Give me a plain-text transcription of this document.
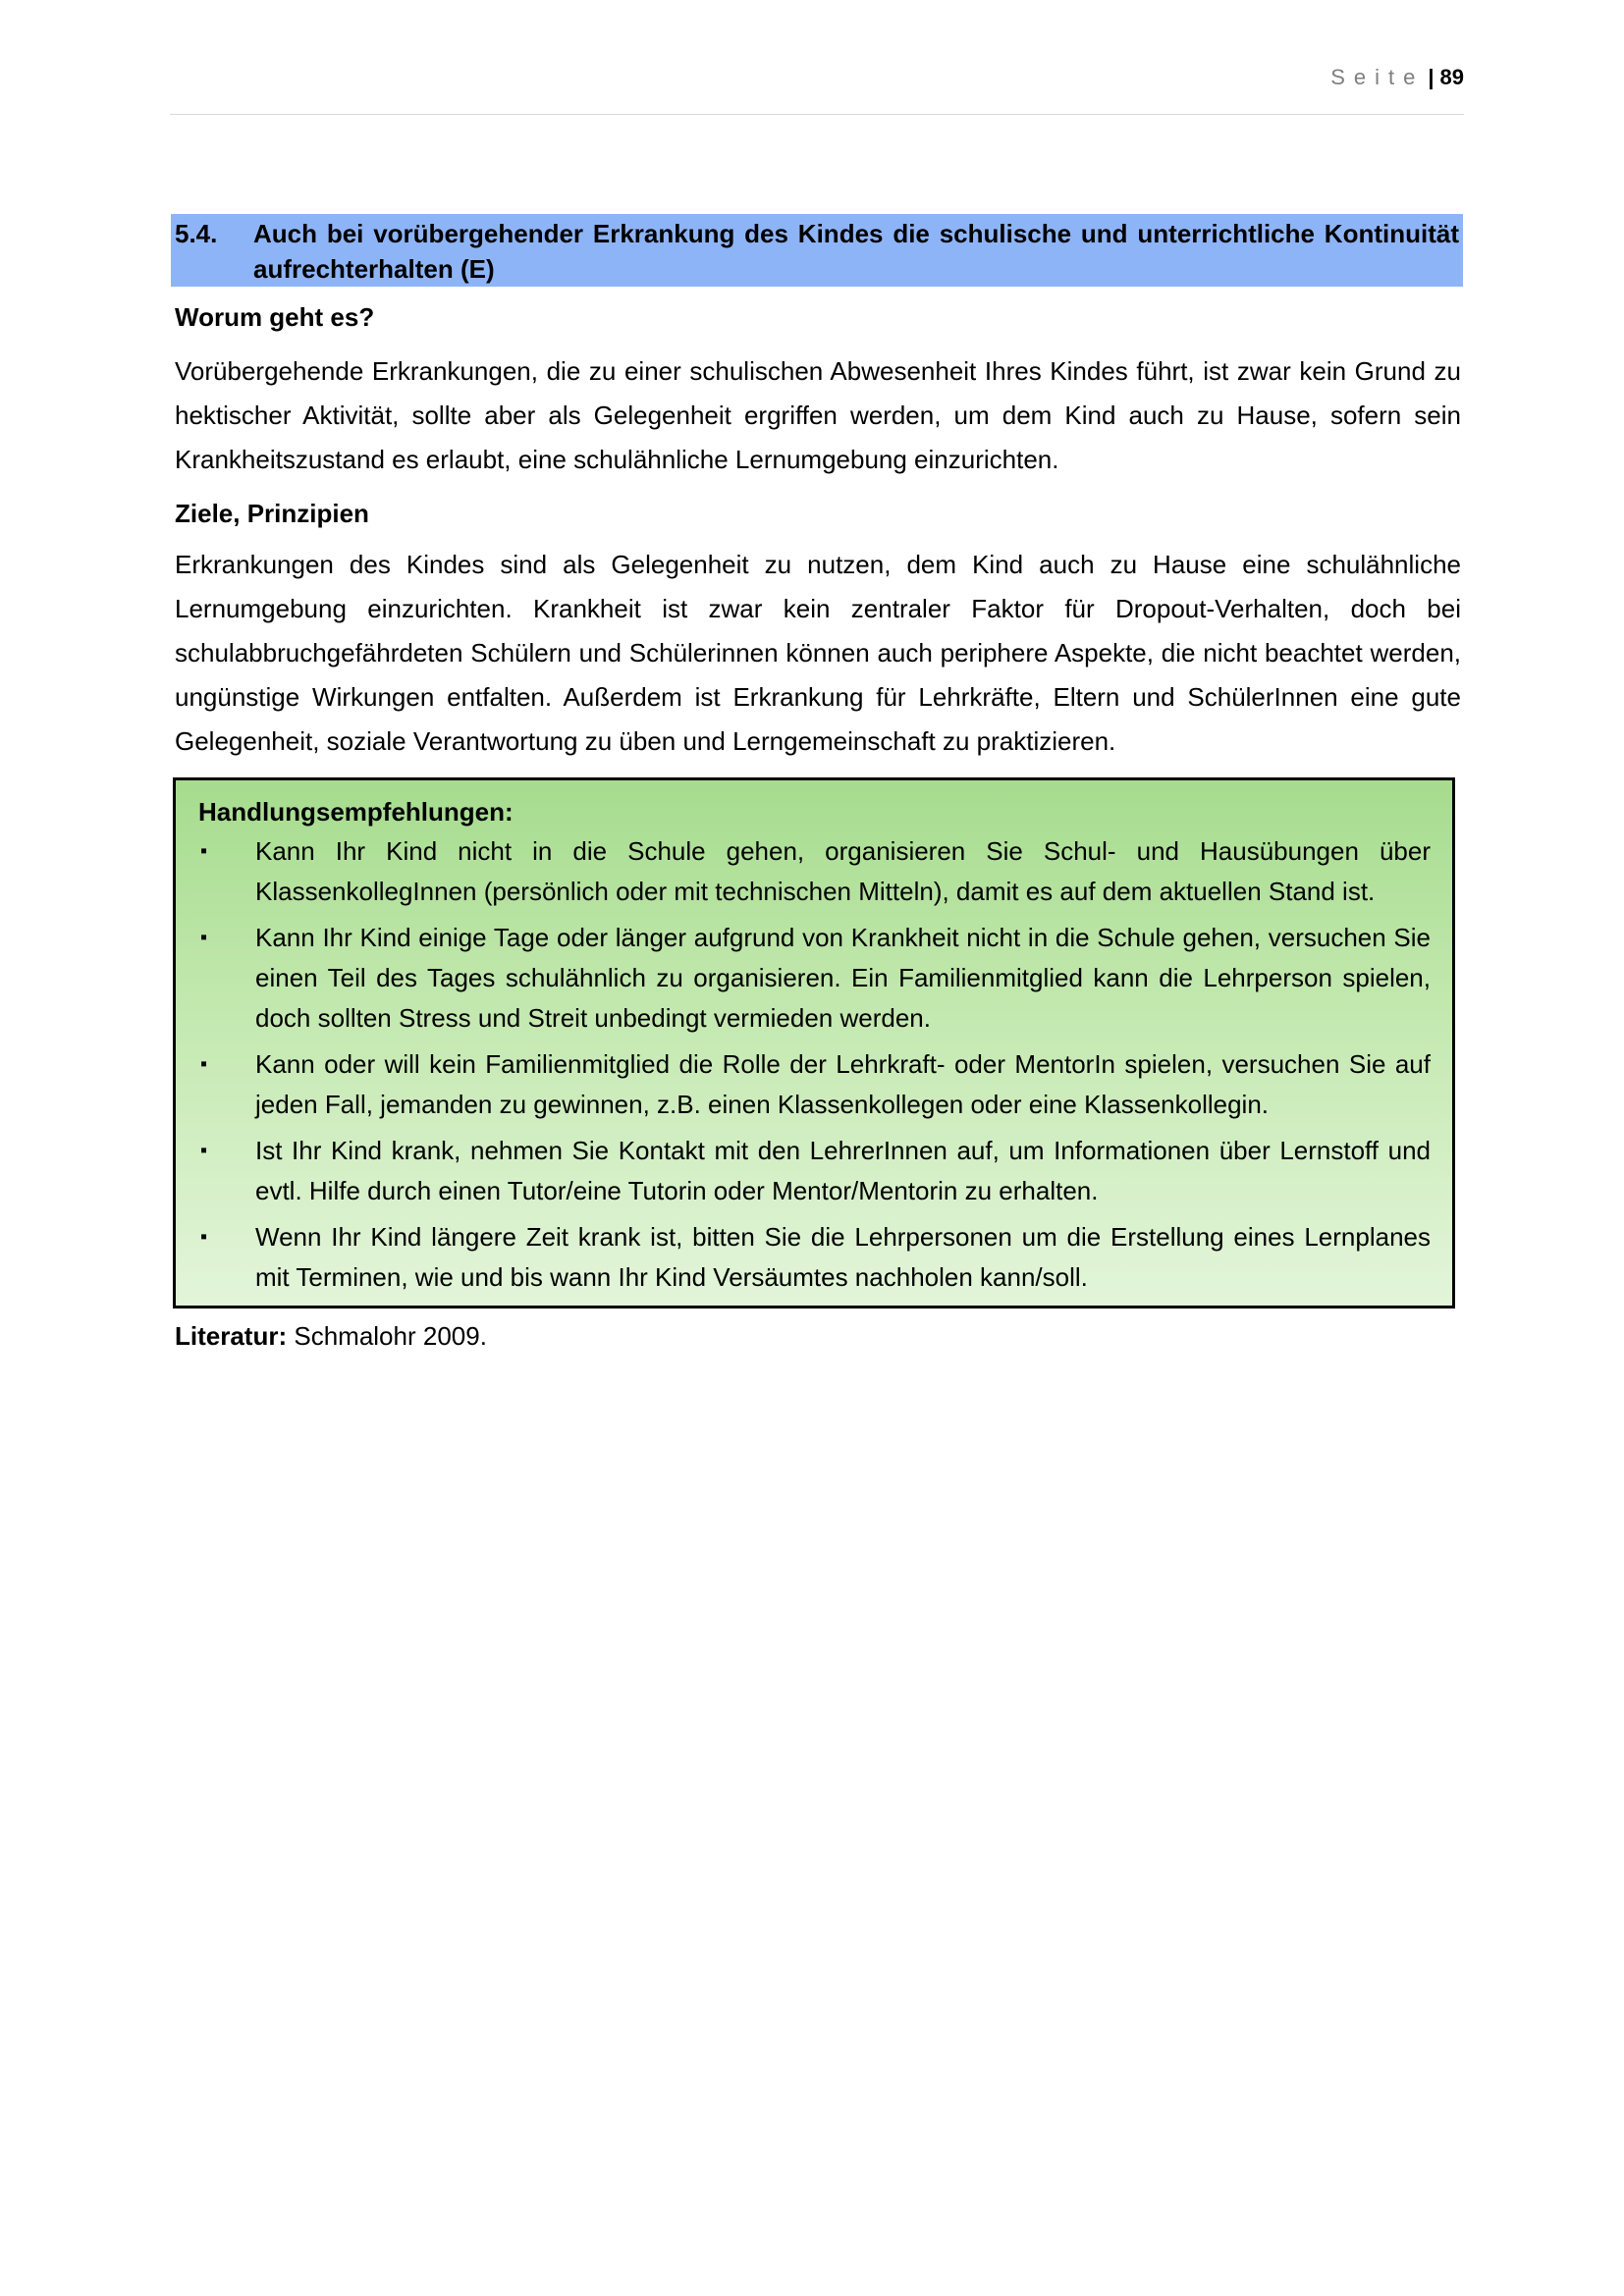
Seite | 89
5.4. Auch bei vorübergehender Erkrankung des Kindes die schulische und unterrichtliche Kontinuität aufrechterhalten (E)
Worum geht es?
Vorübergehende Erkrankungen, die zu einer schulischen Abwesenheit Ihres Kindes führt, ist zwar kein Grund zu hektischer Aktivität, sollte aber als Gelegenheit ergriffen werden, um dem Kind auch zu Hause, sofern sein Krankheitszustand es erlaubt, eine schulähnliche Lernumgebung einzurichten.
Ziele, Prinzipien
Erkrankungen des Kindes sind als Gelegenheit zu nutzen, dem Kind auch zu Hause eine schulähnliche Lernumgebung einzurichten. Krankheit ist zwar kein zentraler Faktor für Dropout-Verhalten, doch bei schulabbruchgefährdeten Schülern und Schülerinnen können auch periphere Aspekte, die nicht beachtet werden, ungünstige Wirkungen entfalten. Außerdem ist Erkrankung für Lehrkräfte, Eltern und SchülerInnen eine gute Gelegenheit, soziale Verantwortung zu üben und Lerngemeinschaft zu praktizieren.
Handlungsempfehlungen:
▪ Kann Ihr Kind nicht in die Schule gehen, organisieren Sie Schul- und Hausübungen über KlassenkollegInnen (persönlich oder mit technischen Mitteln), damit es auf dem aktuellen Stand ist.
▪ Kann Ihr Kind einige Tage oder länger aufgrund von Krankheit nicht in die Schule gehen, versuchen Sie einen Teil des Tages schulähnlich zu organisieren. Ein Familienmitglied kann die Lehrperson spielen, doch sollten Stress und Streit unbedingt vermieden werden.
▪ Kann oder will kein Familienmitglied die Rolle der Lehrkraft- oder MentorIn spielen, versuchen Sie auf jeden Fall, jemanden zu gewinnen, z.B. einen Klassenkollegen oder eine Klassenkollegin.
▪ Ist Ihr Kind krank, nehmen Sie Kontakt mit den LehrerInnen auf, um Informationen über Lernstoff und evtl. Hilfe durch einen Tutor/eine Tutorin oder Mentor/Mentorin zu erhalten.
▪ Wenn Ihr Kind längere Zeit krank ist, bitten Sie die Lehrpersonen um die Erstellung eines Lernplanes mit Terminen, wie und bis wann Ihr Kind Versäumtes nachholen kann/soll.
Literatur: Schmalohr 2009.
